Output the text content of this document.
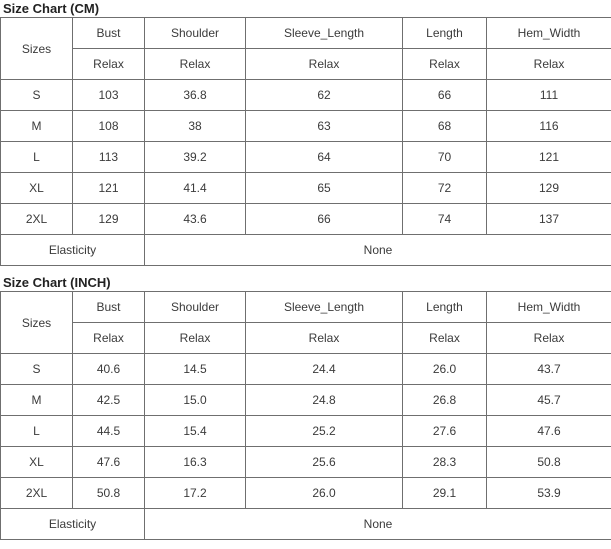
Size Chart (CM)
Sizes	Bust	Shoulder	Sleeve_Length	Length	Hem_Width
	Relax	Relax	Relax	Relax	Relax
S	103	36.8	62	66	111
M	108	38	63	68	116
L	113	39.2	64	70	121
XL	121	41.4	65	72	129
2XL	129	43.6	66	74	137
Elasticity		None			
Size Chart (INCH)
Sizes	Bust	Shoulder	Sleeve_Length	Length	Hem_Width
	Relax	Relax	Relax	Relax	Relax
S	40.6	14.5	24.4	26.0	43.7
M	42.5	15.0	24.8	26.8	45.7
L	44.5	15.4	25.2	27.6	47.6
XL	47.6	16.3	25.6	28.3	50.8
2XL	50.8	17.2	26.0	29.1	53.9
Elasticity		None			
